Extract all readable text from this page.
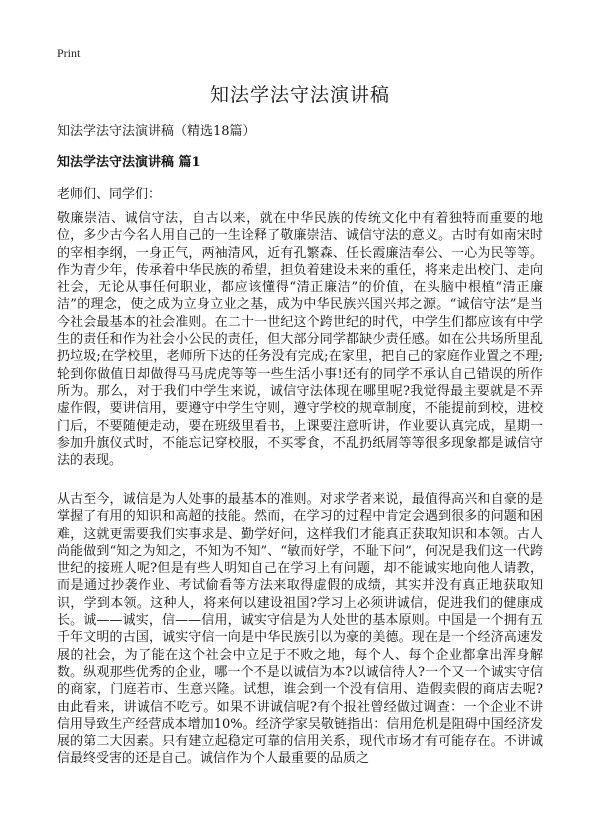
Print
知法学法守法演讲稿
知法学法守法演讲稿（精选18篇）
知法学法守法演讲稿 篇1
老师们、同学们：

敬廉崇洁、诚信守法，自古以来，就在中华民族的传统文化中有着独特而重要的地位，多少古今名人用自己的一生诠释了敬廉崇洁、诚信守法的意义。古时有如南宋时的宰相李纲，一身正气，两袖清风，近有孔繁森、任长霞廉洁奉公、一心为民等等。作为青少年，传承着中华民族的希望，担负着建设未来的重任，将来走出校门、走向社会，无论从事任何职业，都应该懂得“清正廉洁”的价值，在头脑中根植“清正廉洁”的理念，使之成为立身立业之基，成为中华民族兴国兴邦之源。“诚信守法”是当今社会最基本的社会准则。在二十一世纪这个跨世纪的时代，中学生们都应该有中学生的责任和作为社会小公民的责任，但大部分同学都缺少责任感。如在公共场所里乱扔垃圾;在学校里，老师所下达的任务没有完成;在家里，把自己的家庭作业置之不理;轮到你做值日却做得马马虎虎等等一些生活小事!还有的同学不承认自己错误的所作所为。那么，对于我们中学生来说，诚信守法体现在哪里呢?我觉得最主要就是不弄虚作假，要讲信用，要遵守中学生守则，遵守学校的规章制度，不能提前到校，进校门后，不要随便走动，要在班级里看书，上课要注意听讲，作业要认真完成，星期一参加升旗仪式时，不能忘记穿校服，不买零食，不乱扔纸屑等等很多现象都是诚信守法的表现。

从古至今，诚信是为人处事的最基本的准则。对求学者来说，最值得高兴和自豪的是掌握了有用的知识和高超的技能。然而，在学习的过程中肯定会遇到很多的问题和困难，这就更需要我们实事求是、勤学好问，这样我们才能真正获取知识和本领。古人尚能做到“知之为知之，不知为不知”、“敏而好学，不耻下问”，何况是我们这一代跨世纪的接班人呢?但是有些人明知自己在学习上有问题，却不能诚实地向他人请教，而是通过抄袭作业、考试偷看等方法来取得虚假的成绩，其实并没有真正地获取知识，学到本领。这种人，将来何以建设祖国?学习上必须讲诚信，促进我们的健康成长。诚——诚实，信——信用，诚实守信是为人处世的基本原则。中国是一个拥有五千年文明的古国，诚实守信一向是中华民族引以为豪的美德。现在是一个经济高速发展的社会，为了能在这个社会中立足于不败之地，每个人、每个企业都拿出浑身解数。纵观那些优秀的企业，哪一个不是以诚信为本?以诚信待人?一个又一个诚实守信的商家，门庭若市、生意兴隆。试想，谁会到一个没有信用、造假卖假的商店去呢?由此看来，讲诚信不吃亏。如果不讲诚信呢?有个报社曾经做过调查：一个企业不讲信用导致生产经营成本增加10%。经济学家吴敬链指出：信用危机是阻碍中国经济发展的第二大因素。只有建立起稳定可靠的信用关系，现代市场才有可能存在。不讲诚信最终受害的还是自己。诚信作为个人最重要的品质之
